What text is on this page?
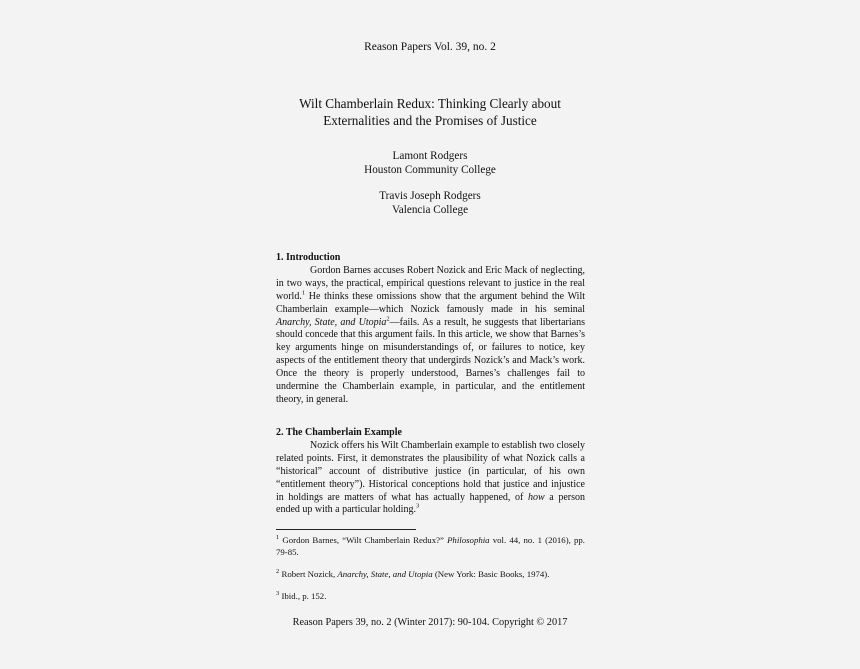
Reason Papers Vol. 39, no. 2
Wilt Chamberlain Redux: Thinking Clearly about
Externalities and the Promises of Justice
Lamont Rodgers
Houston Community College
Travis Joseph Rodgers
Valencia College
1. Introduction

Gordon Barnes accuses Robert Nozick and Eric Mack of neglecting, in two ways, the practical, empirical questions relevant to justice in the real world.$^1$ He thinks these omissions show that the argument behind the Wilt Chamberlain example—which Nozick famously made in his seminal Anarchy, State, and Utopia$^2$—fails. As a result, he suggests that libertarians should concede that this argument fails. In this article, we show that Barnes’s key arguments hinge on misunderstandings of, or failures to notice, key aspects of the entitlement theory that undergirds Nozick’s and Mack’s work. Once the theory is properly understood, Barnes’s challenges fail to undermine the Chamberlain example, in particular, and the entitlement theory, in general.

2. The Chamberlain Example

Nozick offers his Wilt Chamberlain example to establish two closely related points. First, it demonstrates the plausibility of what Nozick calls a “historical” account of distributive justice (in particular, of his own “entitlement theory”). Historical conceptions hold that justice and injustice in holdings are matters of what has actually happened, of how a person ended up with a particular holding.$^3$

$^1$ Gordon Barnes, “Wilt Chamberlain Redux?” Philosophia vol. 44, no. 1 (2016), pp. 79-85.
$^2$ Robert Nozick, Anarchy, State, and Utopia (New York: Basic Books, 1974).
$^3$ Ibid., p. 152.
Reason Papers 39, no. 2 (Winter 2017): 90-104. Copyright © 2017
